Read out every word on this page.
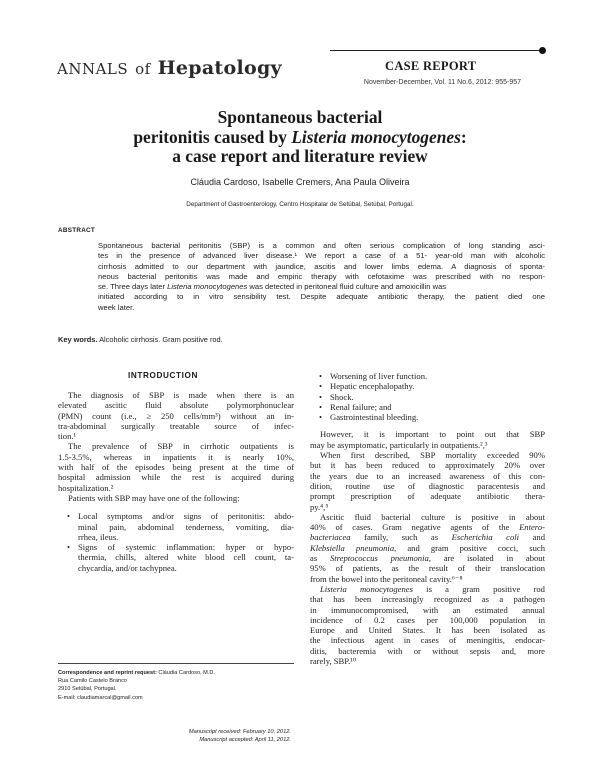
ANNALS of Hepatology	CASE REPORT
November-December, Vol. 11 No.6, 2012: 955-957
Spontaneous bacterial
peritonitis caused by Listeria monocytogenes:
a case report and literature review
Cláudia Cardoso, Isabelle Cremers, Ana Paula Oliveira
Department of Gastroenterology, Centro Hospitalar de Setúbal, Setúbal, Portugal.
ABSTRACT
Spontaneous bacterial peritonitis (SBP) is a common and often serious complication of long standing asci-
tes in the presence of advanced liver disease.¹ We report a case of a 51- year-old man with alcoholic
cirrhosis admitted to our department with jaundice, ascitis and lower limbs edema. A diagnosis of sponta-
neous bacterial peritonitis was made and empiric therapy with cefotaxime was prescribed with no respon-
se. Three days later Listeria monocytogenes was detected in peritoneal fluid culture and amoxicillin was
initiated according to in vitro sensibility test. Despite adequate antibiotic therapy, the patient died one
week later.
Key words. Alcoholic cirrhosis. Gram positive rod.
INTRODUCTION
The diagnosis of SBP is made when there is an
elevated ascitic fluid absolute polymorphonuclear
(PMN) count (i.e., ≥ 250 cells/mm³) without an in-
tra-abdominal surgically treatable source of infec-
tion.¹
The prevalence of SBP in cirrhotic outpatients is
1.5-3.5%, whereas in inpatients it is nearly 10%,
with half of the episodes being present at the time of
hospital admission while the rest is acquired during
hospitalization.²
Patients with SBP may have one of the following:
• Local symptoms and/or signs of peritonitis: abdo-
minal pain, abdominal tenderness, vomiting, dia-
rrhea, ileus.
• Signs of systemic inflammation: hyper or hypo-
thermia, chills, altered white blood cell count, ta-
chycardia, and/or tachypnea.
Correspondence and reprint request: Cláudia Cardoso, M.D.
Rua Camilo Castelo Branco
2910 Setúbal, Portugal.
E-mail: claudiamarcal@gmail.com
Manuscript received: February 10, 2012.
Manuscript accepted: April 11, 2012.
• Worsening of liver function.
• Hepatic encephalopathy.
• Shock.
• Renal failure; and
• Gastrointestinal bleeding.
However, it is important to point out that SBP
may be asymptomatic, particularly in outpatients.²,³
When first described, SBP mortality exceeded 90%
but it has been reduced to approximately 20% over
the years due to an increased awareness of this con-
dition, routine use of diagnostic paracentesis and
prompt prescription of adequate antibiotic thera-
py.⁴,⁵
Ascitic fluid bacterial culture is positive in about
40% of cases. Gram negative agents of the Entero-
bacteriacea family, such as Escherichia coli and
Klebsiella pneumonia, and gram positive cocci, such
as Streptococcus pneumonia, are isolated in about
95% of patients, as the result of their translocation
from the bowel into the peritoneal cavity.⁶⁻⁸
Listeria monocytogenes is a gram positive rod
that has been increasingly recognized as a pathogen
in immunocompromised, with an estimated annual
incidence of 0.2 cases per 100,000 population in
Europe and United States. It has been isolated as
the infectious agent in cases of meningitis, endocar-
ditis, bacteremia with or without sepsis and, more
rarely, SBP.¹⁰
